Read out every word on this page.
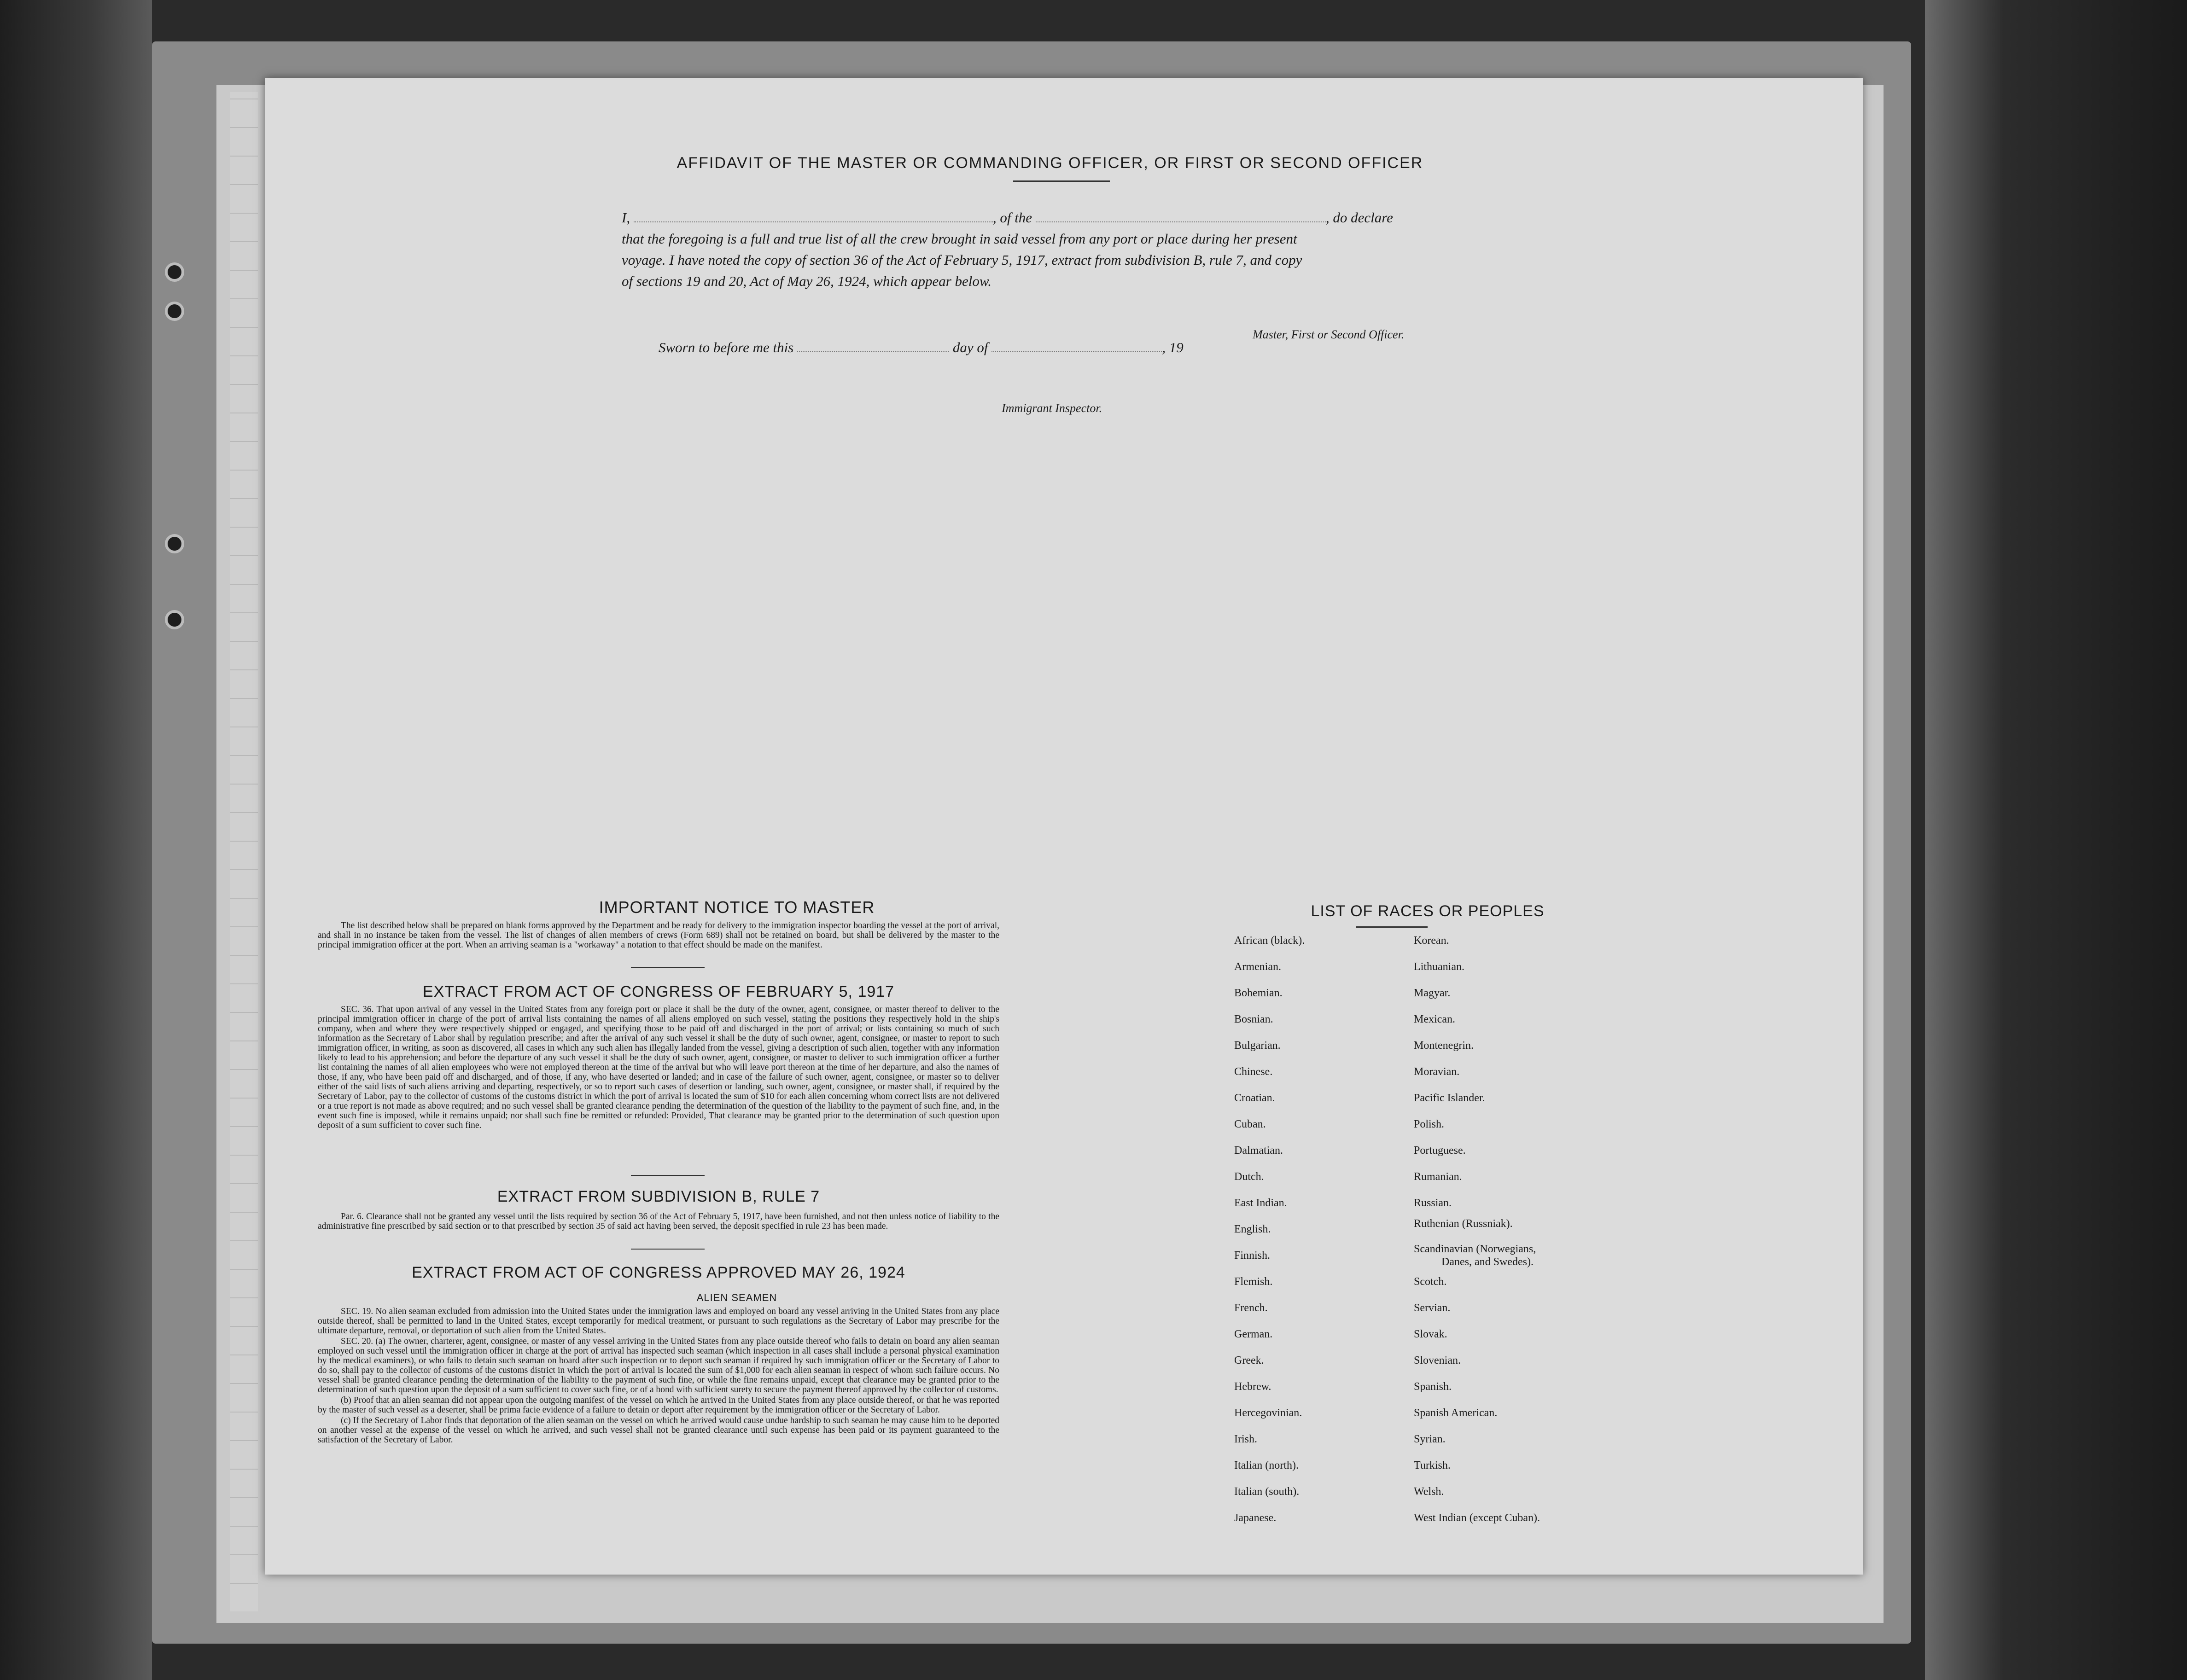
AFFIDAVIT OF THE MASTER OR COMMANDING OFFICER, OR FIRST OR SECOND OFFICER
I,	, of the	, do declare
that the foregoing is a full and true list of all the crew brought in said vessel from any port or place during her present
voyage. I have noted the copy of section 36 of the Act of February 5, 1917, extract from subdivision B, rule 7, and copy
of sections 19 and 20, Act of May 26, 1924, which appear below.
Master, First or Second Officer.
Sworn to before me this	day of	, 19
Immigrant Inspector.
IMPORTANT NOTICE TO MASTER

The list described below shall be prepared on blank forms approved by the Department and be ready for delivery to the immigration inspector boarding the vessel at the port of arrival, and shall in no instance be taken from the vessel. The list of changes of alien members of crews (Form 689) shall not be retained on board, but shall be delivered by the master to the principal immigration officer at the port. When an arriving seaman is a "workaway" a notation to that effect should be made on the manifest.

EXTRACT FROM ACT OF CONGRESS OF FEBRUARY 5, 1917

SEC. 36. That upon arrival of any vessel in the United States from any foreign port or place it shall be the duty of the owner, agent, consignee, or master thereof to deliver to the principal immigration officer in charge of the port of arrival lists containing the names of all aliens employed on such vessel, stating the positions they respectively hold in the ship's company, when and where they were respectively shipped or engaged, and specifying those to be paid off and discharged in the port of arrival; or lists containing so much of such information as the Secretary of Labor shall by regulation prescribe; and after the arrival of any such vessel it shall be the duty of such owner, agent, consignee, or master to report to such immigration officer, in writing, as soon as discovered, all cases in which any such alien has illegally landed from the vessel, giving a description of such alien, together with any information likely to lead to his apprehension; and before the departure of any such vessel it shall be the duty of such owner, agent, consignee, or master to deliver to such immigration officer a further list containing the names of all alien employees who were not employed thereon at the time of the arrival but who will leave port thereon at the time of her departure, and also the names of those, if any, who have been paid off and discharged, and of those, if any, who have deserted or landed; and in case of the failure of such owner, agent, consignee, or master so to deliver either of the said lists of such aliens arriving and departing, respectively, or so to report such cases of desertion or landing, such owner, agent, consignee, or master shall, if required by the Secretary of Labor, pay to the collector of customs of the customs district in which the port of arrival is located the sum of $10 for each alien concerning whom correct lists are not delivered or a true report is not made as above required; and no such vessel shall be granted clearance pending the determination of the question of the liability to the payment of such fine, and, in the event such fine is imposed, while it remains unpaid; nor shall such fine be remitted or refunded: Provided, That clearance may be granted prior to the determination of such question upon deposit of a sum sufficient to cover such fine.

EXTRACT FROM SUBDIVISION B, RULE 7

Par. 6. Clearance shall not be granted any vessel until the lists required by section 36 of the Act of February 5, 1917, have been furnished, and not then unless notice of liability to the administrative fine prescribed by said section or to that prescribed by section 35 of said act having been served, the deposit specified in rule 23 has been made.

EXTRACT FROM ACT OF CONGRESS APPROVED MAY 26, 1924
ALIEN SEAMEN

SEC. 19. No alien seaman excluded from admission into the United States under the immigration laws and employed on board any vessel arriving in the United States from any place outside thereof, shall be permitted to land in the United States, except temporarily for medical treatment, or pursuant to such regulations as the Secretary of Labor may prescribe for the ultimate departure, removal, or deportation of such alien from the United States.

SEC. 20. (a) The owner, charterer, agent, consignee, or master of any vessel arriving in the United States from any place outside thereof who fails to detain on board any alien seaman employed on such vessel until the immigration officer in charge at the port of arrival has inspected such seaman (which inspection in all cases shall include a personal physical examination by the medical examiners), or who fails to detain such seaman on board after such inspection or to deport such seaman if required by such immigration officer or the Secretary of Labor to do so, shall pay to the collector of customs of the customs district in which the port of arrival is located the sum of $1,000 for each alien seaman in respect of whom such failure occurs. No vessel shall be granted clearance pending the determination of the liability to the payment of such fine, or while the fine remains unpaid, except that clearance may be granted prior to the determination of such question upon the deposit of a sum sufficient to cover such fine, or of a bond with sufficient surety to secure the payment thereof approved by the collector of customs.

(b) Proof that an alien seaman did not appear upon the outgoing manifest of the vessel on which he arrived in the United States from any place outside thereof, or that he was reported by the master of such vessel as a deserter, shall be prima facie evidence of a failure to detain or deport after requirement by the immigration officer or the Secretary of Labor.

(c) If the Secretary of Labor finds that deportation of the alien seaman on the vessel on which he arrived would cause undue hardship to such seaman he may cause him to be deported on another vessel at the expense of the vessel on which he arrived, and such vessel shall not be granted clearance until such expense has been paid or its payment guaranteed to the satisfaction of the Secretary of Labor.

LIST OF RACES OR PEOPLES
African (black).
Armenian.
Bohemian.
Bosnian.
Bulgarian.
Chinese.
Croatian.
Cuban.
Dalmatian.
Dutch.
East Indian.
English.
Finnish.
Flemish.
French.
German.
Greek.
Hebrew.
Hercegovinian.
Irish.
Italian (north).
Italian (south).
Japanese.
Korean.
Lithuanian.
Magyar.
Mexican.
Montenegrin.
Moravian.
Pacific Islander.
Polish.
Portuguese.
Rumanian.
Russian.
Ruthenian (Russniak).
Scandinavian (Norwegians,
Danes, and Swedes).
Scotch.
Servian.
Slovak.
Slovenian.
Spanish.
Spanish American.
Syrian.
Turkish.
Welsh.
West Indian (except Cuban).
